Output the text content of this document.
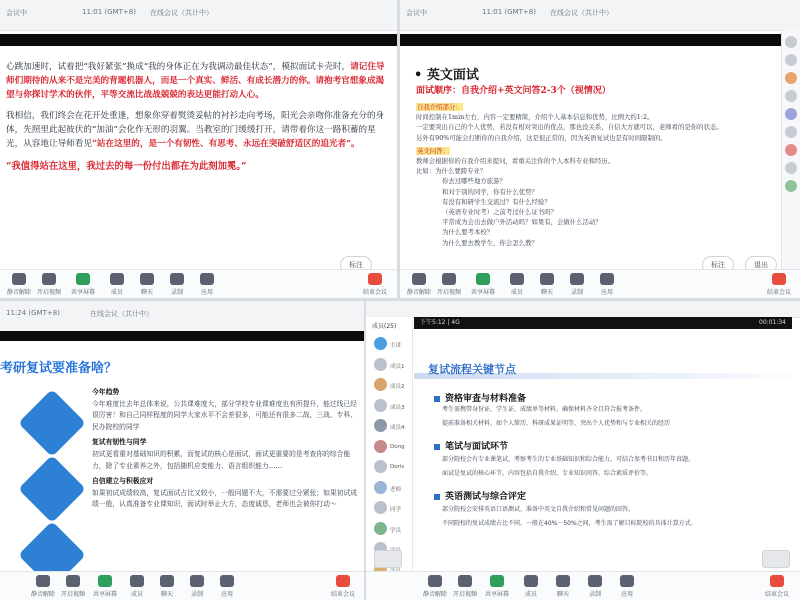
会议中	11:01 (GMT+8) 在线会议（共计中）

心跳加速时，试着把“我好紧张”换成“我的身体正在为我调动最佳状态”，模拟面试卡壳时，请记住导师们期待的从来不是完美的背题机器人，而是一个真实、鲜活、有成长潜力的你。请抱考官想象成渴望与你探讨学术的伙伴，平等交流比战战兢兢的表达更能打动人心。

我相信，我们终会在花开处重逢，想象你穿着熨烫妥帖的衬衫走向考场，阳光会亲吻你准备充分的身体，先照里此起彼伏的“加油”会化作无形的羽翼。当教室的门缓缓打开，请带着你这一路积蓄的星光，从容地让导师看见“站在这里的，是一个有韧性、有思考、永远在突破舒适区的追光者”。

“我值得站在这里，我过去的每一份付出都在为此刻加冕。”
标注
静音解除 开启视频 共享屏幕	成员	聊天	录制	应用	结束会议
会议中	11:01 (GMT+8) 在线会议（共计中）
• 英文面试
面试顺序：自我介绍+英文问答2-3个（视情况）
自我介绍部分：
时间控制在1min左右，内容一定要精简，介绍个人基本信息和优势，比例大约1:2。
一定要突出自己的个人优势，若没有相对突出的优点，那也没关系，自信大方就可以，老师看的是你的状态。
另外有90%可能会打断你的自我介绍，这是很正常的，因为英语复试也是有时间限制的。
英文问答：
教师会根据你的自我介绍来提问，看重关注你的个人本科专业和经历。
比如：为什么要跨专业？
你去过哪些地方旅游？
和对于别的同学，你有什么优势？
有没有和研学生交流过？有什么经验？
（英语专业时考）之前考过什么证书吗？
平常成为会出去做户外活动吗？如果有，会做什么活动？
为什么要考本校？
为什么要去教学生，你会怎么教？
标注	退出
静音解除 开启视频 共享屏幕	成员	聊天	录制	应用	结束会议
11:24 (GMT+8)	在线会议（共计中）
考研复试要准备啥？
今年趋势
今年难度比去年总体来说，公共课难度大，部分学校专业课难度也有所提升，能过线已经很厉害！和自己同样程度的同学大家水平不会差很多，可能还有很多二战、三战、专科、民办院校的同学
复试有韧性与同学
初试更看重对基础知识的积累，而复试的核心是面试，面试更重要的是考查你的综合能力，除了专业素养之外，包括随机应变能力、语言组织能力……
自信建立与积极应对
如果初试成绩较高，复试面试占比又较小，一般问题不大，不需要过分紧张；如果初试成绩一般，认真准备专业课知识，面试时举止大方，态度诚恳，老师也会被你打动～
静音解除 开启视频 共享屏幕	成员	聊天	录制	应用	结束会议
成员(25)
主讲
成员1
成员2
成员3
成员4
Dong
Doris
老师
同学
学员
下午5:12 | 4G	00:01:34
复试流程关键节点
资格审查与材料准备
考生需携带身份证、学生证、成绩单等材料，确保材料齐全且符合报考条件。
提前准备相关材料，如个人简历、科研成果证明等，突出个人优势和与专业相关的经历
笔试与面试环节
部分院校会有专业课笔试，考察考生的专业基础知识和综合能力，可结合参考书目和历年真题。
面试是复试的核心环节，内容包括自我介绍、专业知识问答、综合素质评价等。
英语测试与综合评定
部分院校会安排英语口语测试，准备中英文自我介绍和常见问题的回答。
不同院校的复试成绩占比不同，一般在40%－50%之间，考生需了解目标院校的具体计算方式。
静音解除 开启视频 共享屏幕	成员	聊天	录制	应用	结束会议
